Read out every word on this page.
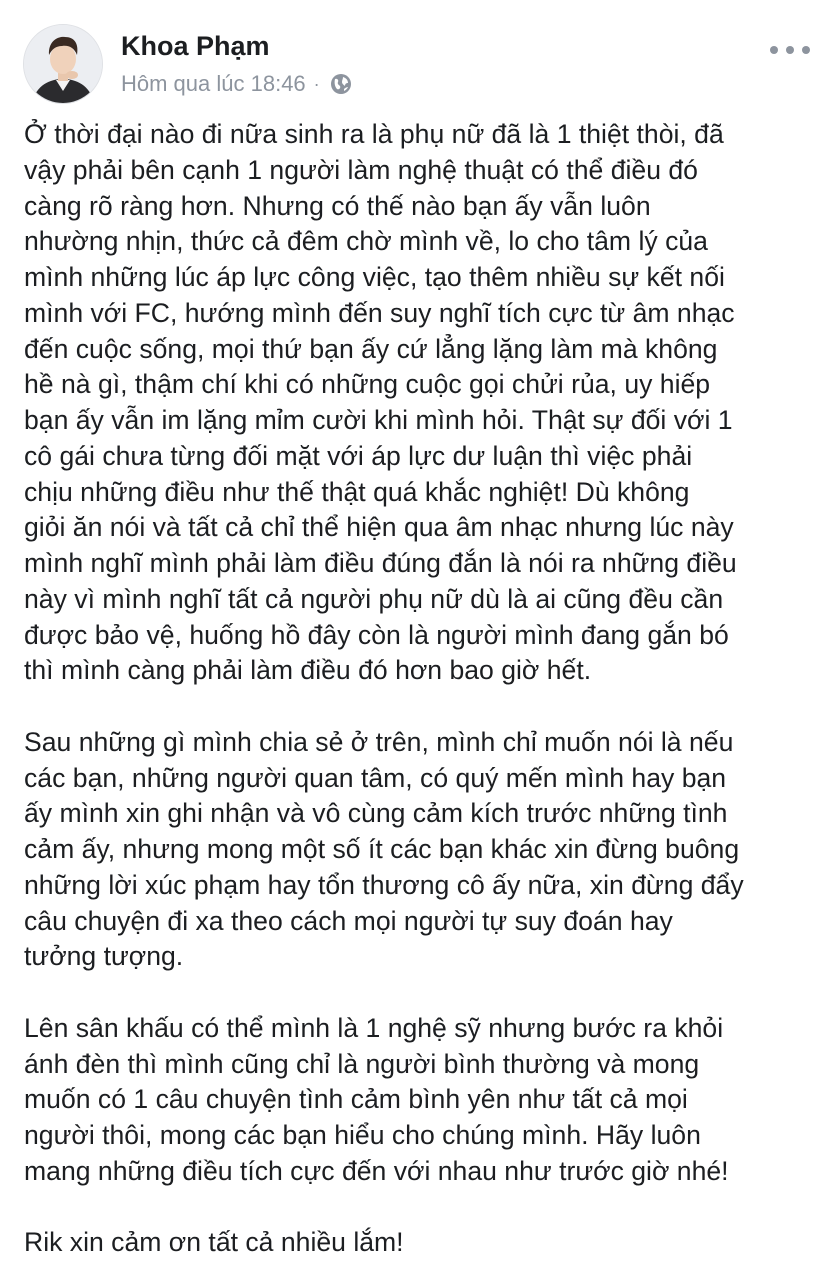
Khoa Phạm
Hôm qua lúc 18:46 ·

Ở thời đại nào đi nữa sinh ra là phụ nữ đã là 1 thiệt thòi, đã
vậy phải bên cạnh 1 người làm nghệ thuật có thể điều đó
càng rõ ràng hơn. Nhưng có thế nào bạn ấy vẫn luôn
nhường nhịn, thức cả đêm chờ mình về, lo cho tâm lý của
mình những lúc áp lực công việc, tạo thêm nhiều sự kết nối
mình với FC, hướng mình đến suy nghĩ tích cực từ âm nhạc
đến cuộc sống, mọi thứ bạn ấy cứ lẳng lặng làm mà không
hề nà gì, thậm chí khi có những cuộc gọi chửi rủa, uy hiếp
bạn ấy vẫn im lặng mỉm cười khi mình hỏi. Thật sự đối với 1
cô gái chưa từng đối mặt với áp lực dư luận thì việc phải
chịu những điều như thế thật quá khắc nghiệt! Dù không
giỏi ăn nói và tất cả chỉ thể hiện qua âm nhạc nhưng lúc này
mình nghĩ mình phải làm điều đúng đắn là nói ra những điều
này vì mình nghĩ tất cả người phụ nữ dù là ai cũng đều cần
được bảo vệ, huống hồ đây còn là người mình đang gắn bó
thì mình càng phải làm điều đó hơn bao giờ hết.

Sau những gì mình chia sẻ ở trên, mình chỉ muốn nói là nếu
các bạn, những người quan tâm, có quý mến mình hay bạn
ấy mình xin ghi nhận và vô cùng cảm kích trước những tình
cảm ấy, nhưng mong một số ít các bạn khác xin đừng buông
những lời xúc phạm hay tổn thương cô ấy nữa, xin đừng đẩy
câu chuyện đi xa theo cách mọi người tự suy đoán hay
tưởng tượng.

Lên sân khấu có thể mình là 1 nghệ sỹ nhưng bước ra khỏi
ánh đèn thì mình cũng chỉ là người bình thường và mong
muốn có 1 câu chuyện tình cảm bình yên như tất cả mọi
người thôi, mong các bạn hiểu cho chúng mình. Hãy luôn
mang những điều tích cực đến với nhau như trước giờ nhé!

Rik xin cảm ơn tất cả nhiều lắm!
